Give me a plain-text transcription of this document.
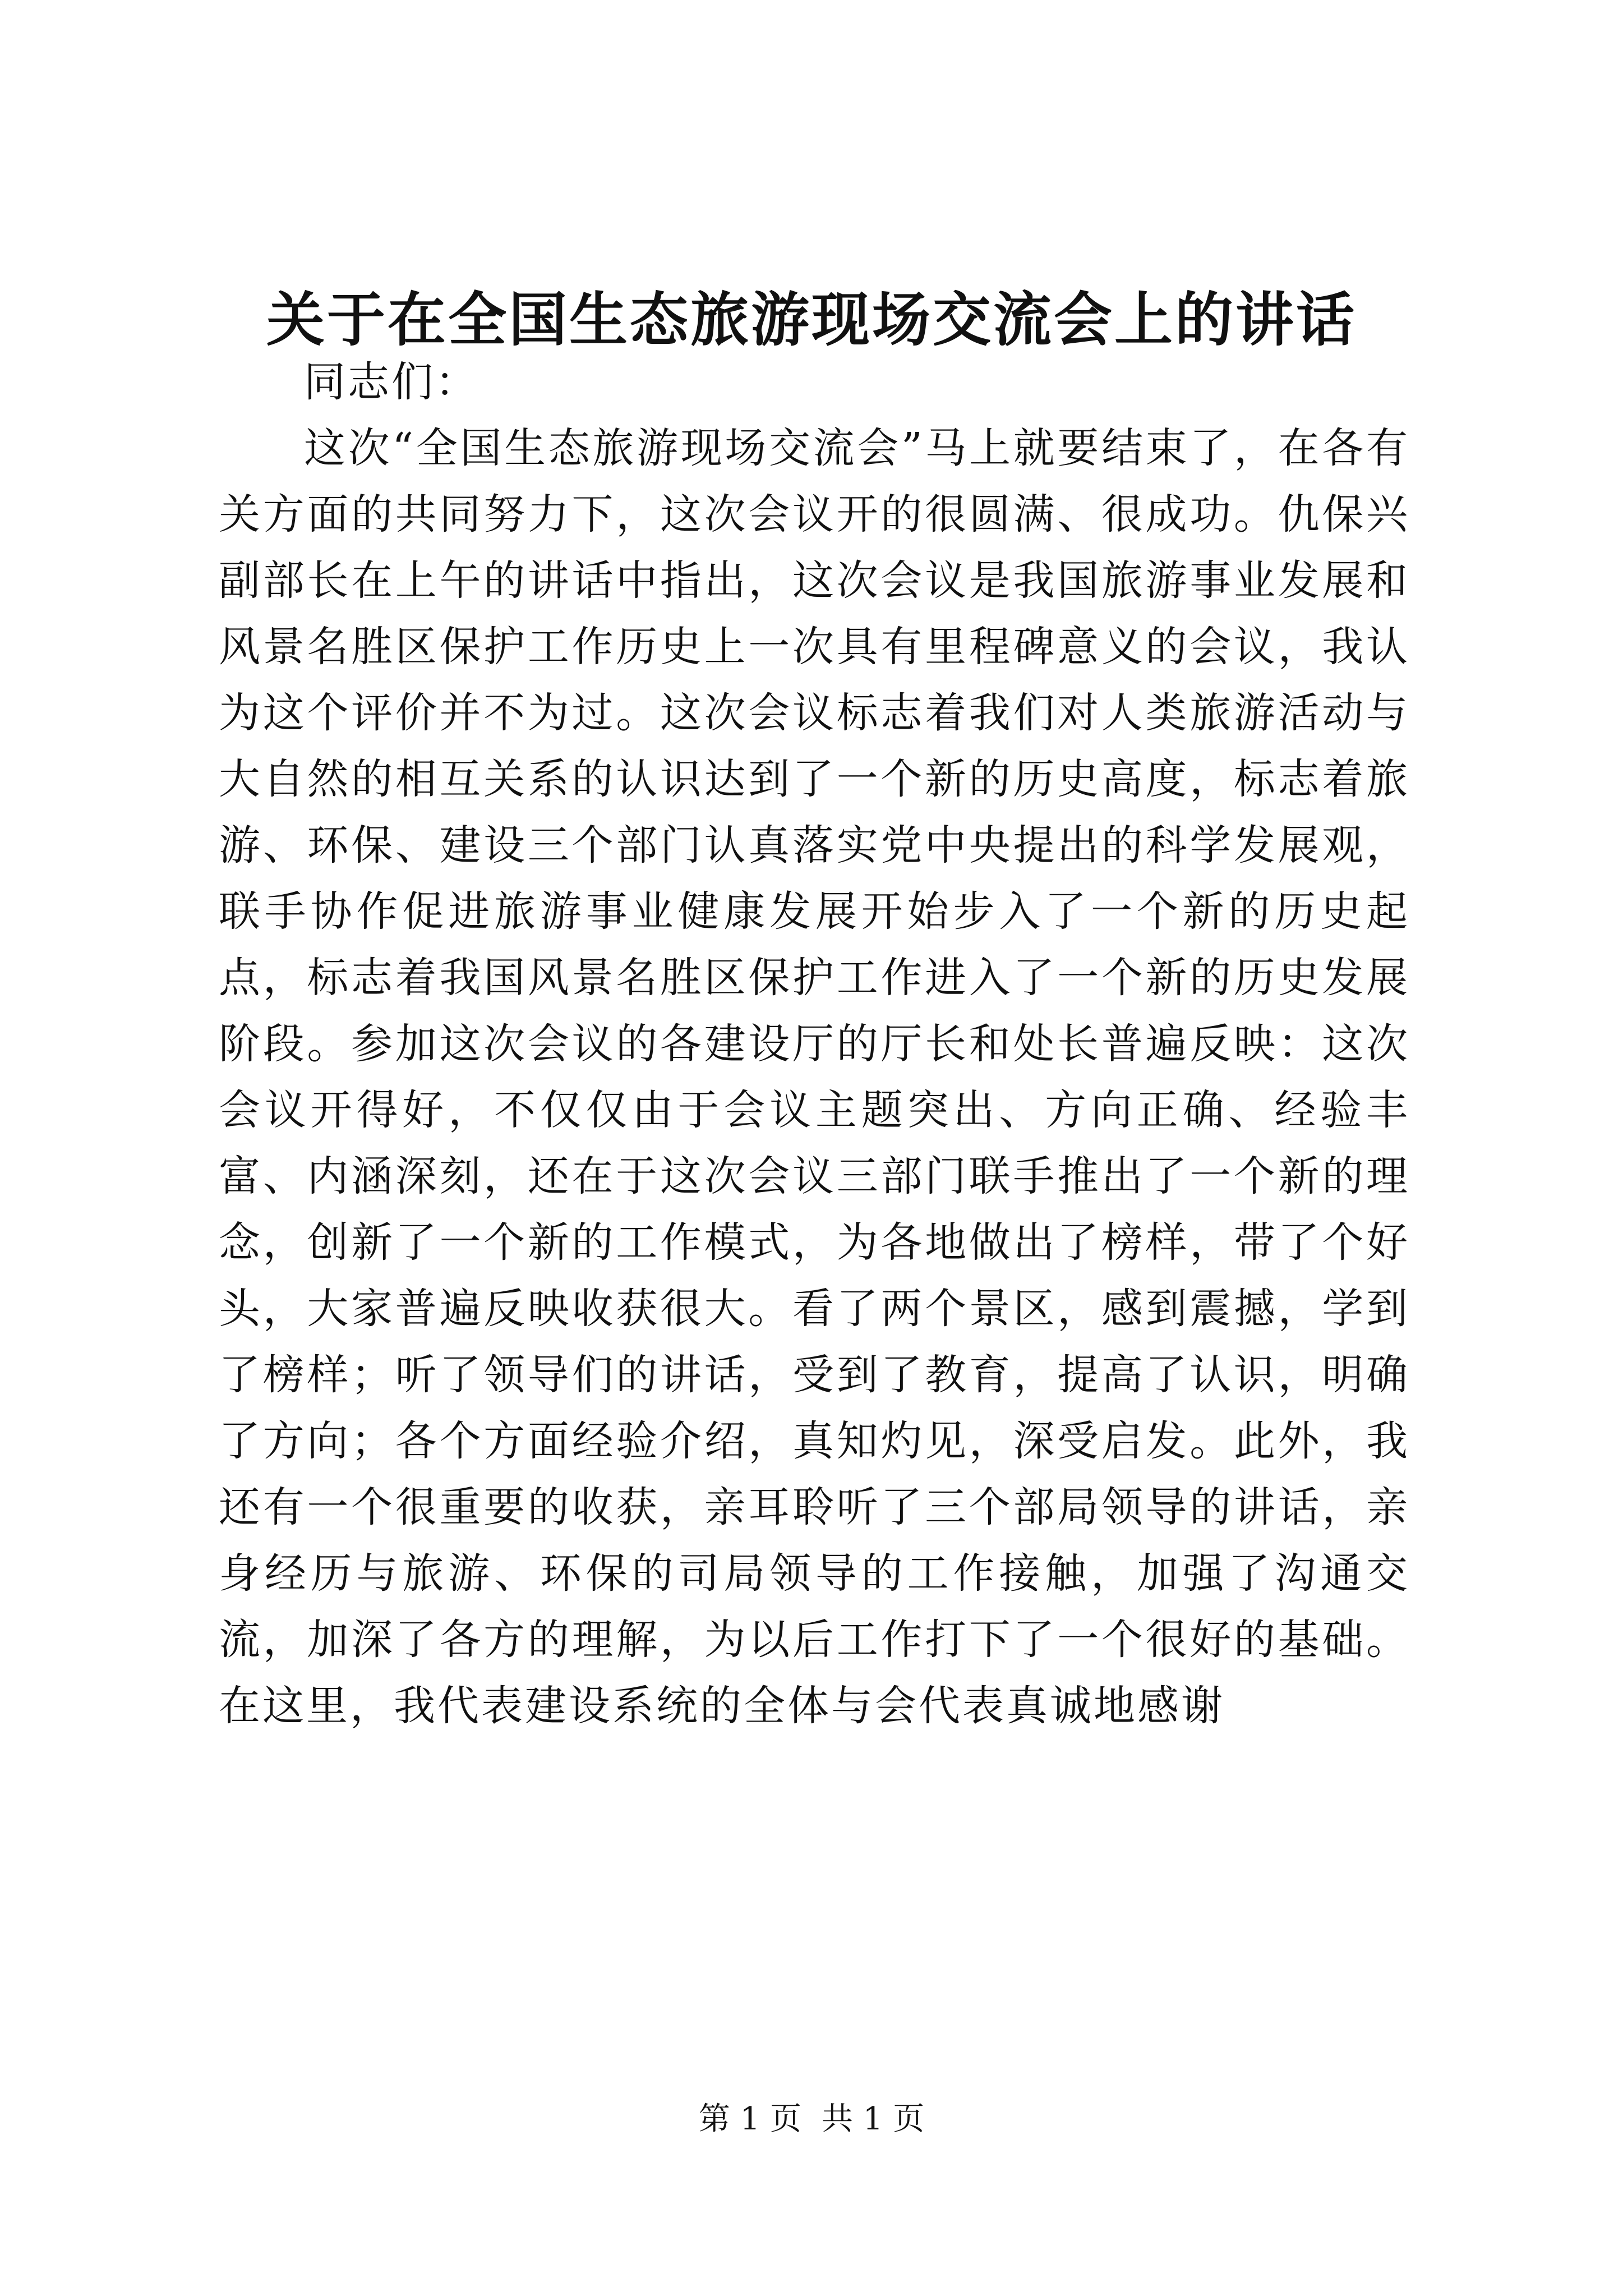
关于在全国生态旅游现场交流会上的讲话

同志们：

这次“全国生态旅游现场交流会”马上就要结束了，在各有关方面的共同努力下，这次会议开的很圆满、很成功。仇保兴副部长在上午的讲话中指出，这次会议是我国旅游事业发展和风景名胜区保护工作历史上一次具有里程碑意义的会议，我认为这个评价并不为过。这次会议标志着我们对人类旅游活动与大自然的相互关系的认识达到了一个新的历史高度，标志着旅游、环保、建设三个部门认真落实党中央提出的科学发展观，联手协作促进旅游事业健康发展开始步入了一个新的历史起点，标志着我国风景名胜区保护工作进入了一个新的历史发展阶段。参加这次会议的各建设厅的厅长和处长普遍反映：这次会议开得好，不仅仅由于会议主题突出、方向正确、经验丰富、内涵深刻，还在于这次会议三部门联手推出了一个新的理念，创新了一个新的工作模式，为各地做出了榜样，带了个好头，大家普遍反映收获很大。看了两个景区，感到震撼，学到了榜样；听了领导们的讲话，受到了教育，提高了认识，明确了方向；各个方面经验介绍，真知灼见，深受启发。此外，我还有一个很重要的收获，亲耳聆听了三个部局领导的讲话，亲身经历与旅游、环保的司局领导的工作接触，加强了沟通交流，加深了各方的理解，为以后工作打下了一个很好的基础。在这里，我代表建设系统的全体与会代表真诚地感谢

第 1 页 共 1 页
